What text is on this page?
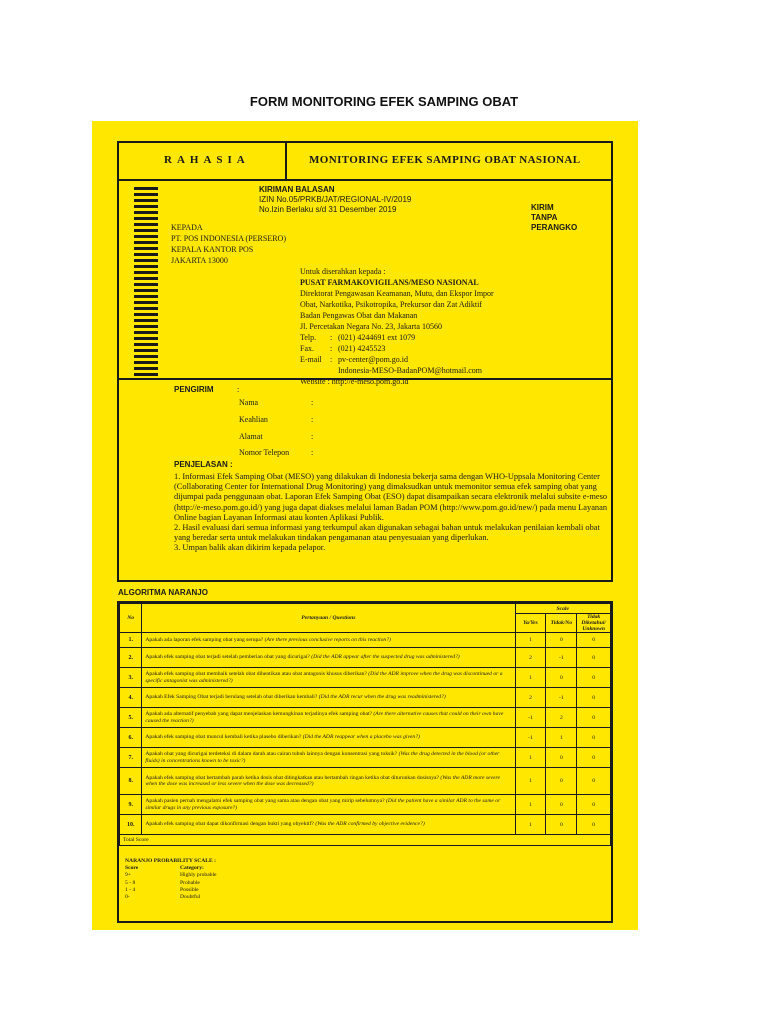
FORM MONITORING EFEK SAMPING OBAT
RAHASIA	MONITORING EFEK SAMPING OBAT NASIONAL
KIRIMAN BALASAN
IZIN No.05/PRKB/JAT/REGIONAL-IV/2019
No.Izin Berlaku s/d 31 Desember 2019	KIRIM
TANPA
PERANGKO
KEPADA
PT. POS INDONESIA (PERSERO)
KEPALA KANTOR POS
JAKARTA 13000
Untuk diserahkan kepada :
PUSAT FARMAKOVIGILANS/MESO NASIONAL
Direktorat Pengawasan Keamanan, Mutu, dan Ekspor Impor
Obat, Narkotika, Psikotropika, Prekursor dan Zat Adiktif
Badan Pengawas Obat dan Makanan
Jl. Percetakan Negara No. 23, Jakarta 10560
Telp.	: (021) 4244691 ext 1079
Fax.	: (021) 4245523
E-mail	: pv-center@pom.go.id
Indonesia-MESO-BadanPOM@hotmail.com
Website : http://e-meso.pom.go.id
PENGIRIM	:
Nama	:
Keahlian	:
Alamat	:
Nomor Telepon	:
PENJELASAN :
1. Informasi Efek Samping Obat (MESO) yang dilakukan di Indonesia bekerja sama dengan WHO-Uppsala Monitoring Center (Collaborating Center for International Drug Monitoring) yang dimaksudkan untuk memonitor semua efek samping obat yang dijumpai pada penggunaan obat. Laporan Efek Samping Obat (ESO) dapat disampaikan secara elektronik melalui subsite e-meso (http://e-meso.pom.go.id/) yang juga dapat diakses melalui laman Badan POM (http://www.pom.go.id/new/) pada menu Layanan Online bagian Layanan Informasi atau konten Aplikasi Publik.
2. Hasil evaluasi dari semua informasi yang terkumpul akan digunakan sebagai bahan untuk melakukan penilaian kembali obat yang beredar serta untuk melakukan tindakan pengamanan atau penyesuaian yang diperlukan.
3. Umpan balik akan dikirim kepada pelapor.
ALGORITMA NARANJO
No	Pertanyaan / Questions	Scale		
		Ya/Yes	Tidak/No	Tidak Diketahui/ Unknown
1.	Apakah ada laporan efek samping obat yang serupa? (Are there previous conclusive reports on this reaction?)	1	0	0
2.	Apakah efek samping obat terjadi setelah pemberian obat yang dicurigai? (Did the ADR appear after the suspected drug was administered?)	2	-1	0
3.	Apakah efek samping obat membaik setelah obat dihentikan atau obat antagonis khusus diberikan? (Did the ADR improve when the drug was discontinued or a specific antagonist was administered?)	1	0	0
4.	Apakah Efek Samping Obat terjadi berulang setelah obat diberikan kembali? (Did the ADR recur when the drug was readministered?)	2	-1	0
5.	Apakah ada alternatif penyebab yang dapat menjelaskan kemungkinan terjadinya efek samping obat? (Are there alternative causes that could on their own have caused the reaction?)	-1	2	0
6.	Apakah efek samping obat muncul kembali ketika plasebo diberikan? (Did the ADR reappear when a placebo was given?)	-1	1	0
7.	Apakah obat yang dicurigai terdeteksi di dalam darah atau cairan tubuh lainnya dengan konsentrasi yang toksik? (Was the drug detected in the blood (or other fluids) in concentrations known to be toxic?)	1	0	0
8.	Apakah efek samping obat bertambah parah ketika dosis obat ditingkatkan atau bertambah ringan ketika obat diturunkan dosisnya? (Was the ADR more severe when the dose was increased or less severe when the dose was decreased?)	1	0	0
9.	Apakah pasien pernah mengalami efek samping obat yang sama atau dengan obat yang mirip sebelumnya? (Did the patient have a similar ADR to the same or similar drugs in any previous exposure?)	1	0	0
10.	Apakah efek samping obat dapat dikonfirmasi dengan bukti yang obyektif? (Was the ADR confirmed by objective evidence?)	1	0	0
Total Score				
NARANJO PROBABILITY SCALE :
Score	Category:
9+	Highly probable
5 - 8	Probable
1 - 4	Possible
0-	Doubtful
